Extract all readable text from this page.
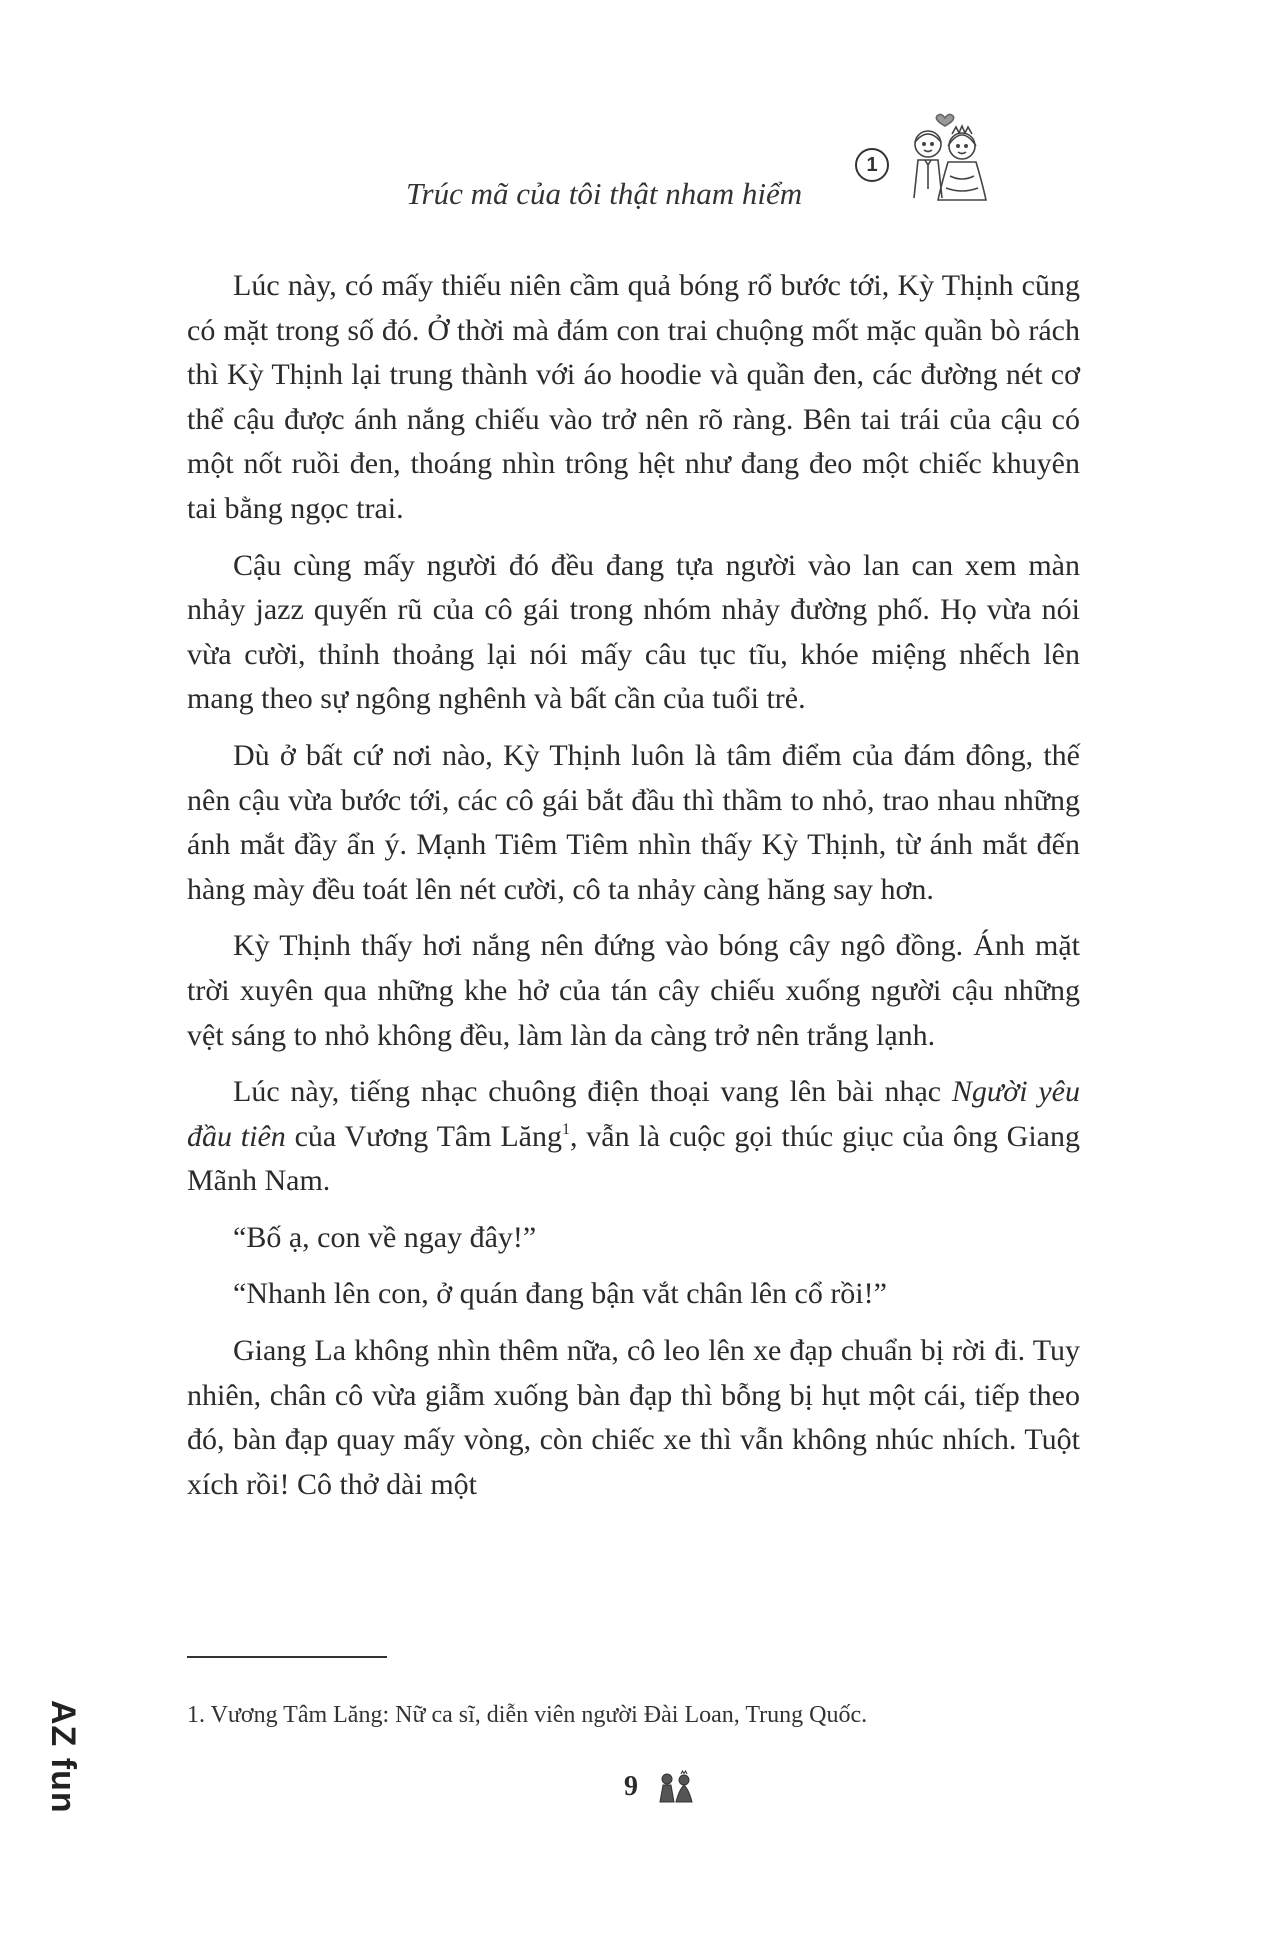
Trúc mã của tôi thật nham hiểm
1

Lúc này, có mấy thiếu niên cầm quả bóng rổ bước tới, Kỳ Thịnh cũng có mặt trong số đó. Ở thời mà đám con trai chuộng mốt mặc quần bò rách thì Kỳ Thịnh lại trung thành với áo hoodie và quần đen, các đường nét cơ thể cậu được ánh nắng chiếu vào trở nên rõ ràng. Bên tai trái của cậu có một nốt ruồi đen, thoáng nhìn trông hệt như đang đeo một chiếc khuyên tai bằng ngọc trai.

Cậu cùng mấy người đó đều đang tựa người vào lan can xem màn nhảy jazz quyến rũ của cô gái trong nhóm nhảy đường phố. Họ vừa nói vừa cười, thỉnh thoảng lại nói mấy câu tục tĩu, khóe miệng nhếch lên mang theo sự ngông nghênh và bất cần của tuổi trẻ.

Dù ở bất cứ nơi nào, Kỳ Thịnh luôn là tâm điểm của đám đông, thế nên cậu vừa bước tới, các cô gái bắt đầu thì thầm to nhỏ, trao nhau những ánh mắt đầy ẩn ý. Mạnh Tiêm Tiêm nhìn thấy Kỳ Thịnh, từ ánh mắt đến hàng mày đều toát lên nét cười, cô ta nhảy càng hăng say hơn.

Kỳ Thịnh thấy hơi nắng nên đứng vào bóng cây ngô đồng. Ánh mặt trời xuyên qua những khe hở của tán cây chiếu xuống người cậu những vệt sáng to nhỏ không đều, làm làn da càng trở nên trắng lạnh.

Lúc này, tiếng nhạc chuông điện thoại vang lên bài nhạc Người yêu đầu tiên của Vương Tâm Lăng$^1$, vẫn là cuộc gọi thúc giục của ông Giang Mãnh Nam.

“Bố ạ, con về ngay đây!”

“Nhanh lên con, ở quán đang bận vắt chân lên cổ rồi!”

Giang La không nhìn thêm nữa, cô leo lên xe đạp chuẩn bị rời đi. Tuy nhiên, chân cô vừa giẫm xuống bàn đạp thì bỗng bị hụt một cái, tiếp theo đó, bàn đạp quay mấy vòng, còn chiếc xe thì vẫn không nhúc nhích. Tuột xích rồi! Cô thở dài một

1. Vương Tâm Lăng: Nữ ca sĩ, diễn viên người Đài Loan, Trung Quốc.
9
AZ fun
